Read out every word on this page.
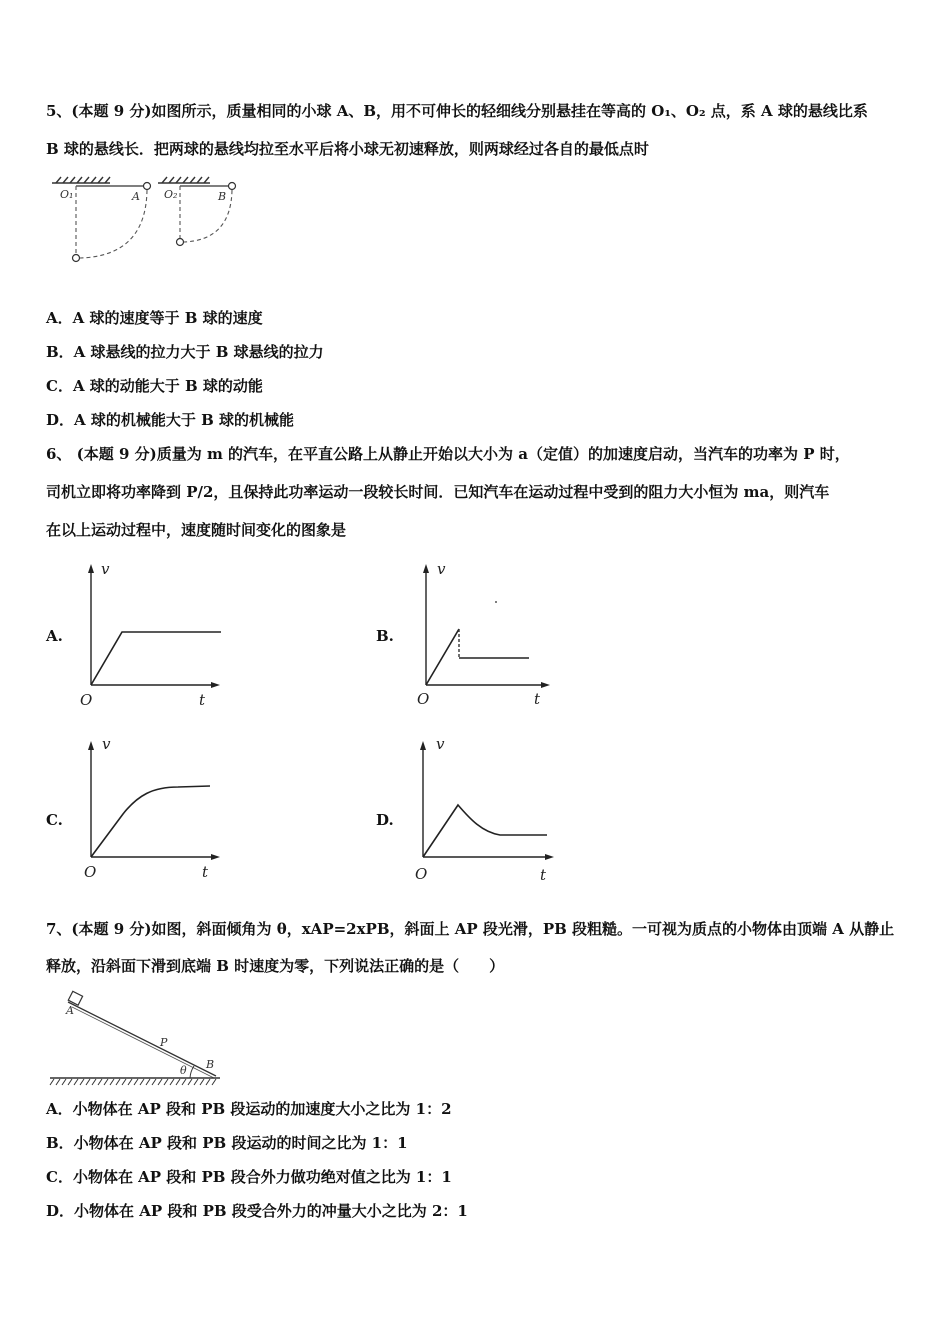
5、(本题 9 分)如图所示，质量相同的小球 A、B，用不可伸长的轻细线分别悬挂在等高的 O₁、O₂ 点，系 A 球的悬线比系
B 球的悬线长．把两球的悬线均拉至水平后将小球无初速释放，则两球经过各自的最低点时
O₁	A O₂	B
A．A 球的速度等于 B 球的速度
B．A 球悬线的拉力大于 B 球悬线的拉力
C．A 球的动能大于 B 球的动能
D．A 球的机械能大于 B 球的机械能
6、 (本题 9 分)质量为 m 的汽车，在平直公路上从静止开始以大小为 a（定值）的加速度启动，当汽车的功率为 P 时，
司机立即将功率降到 P/2，且保持此功率运动一段较长时间．已知汽车在运动过程中受到的阻力大小恒为 ma，则汽车
在以上运动过程中，速度随时间变化的图象是
A.
v
t
O
B.
v
t
O
C.
v
t
O
D.
v
t
O
7、(本题 9 分)如图，斜面倾角为 θ，xAP=2xPB，斜面上 AP 段光滑，PB 段粗糙。一可视为质点的小物体由顶端 A 从静止
释放，沿斜面下滑到底端 B 时速度为零，下列说法正确的是（　　）
A
P
B
θ
A．小物体在 AP 段和 PB 段运动的加速度大小之比为 1：2
B．小物体在 AP 段和 PB 段运动的时间之比为 1：1
C．小物体在 AP 段和 PB 段合外力做功绝对值之比为 1：1
D．小物体在 AP 段和 PB 段受合外力的冲量大小之比为 2：1
